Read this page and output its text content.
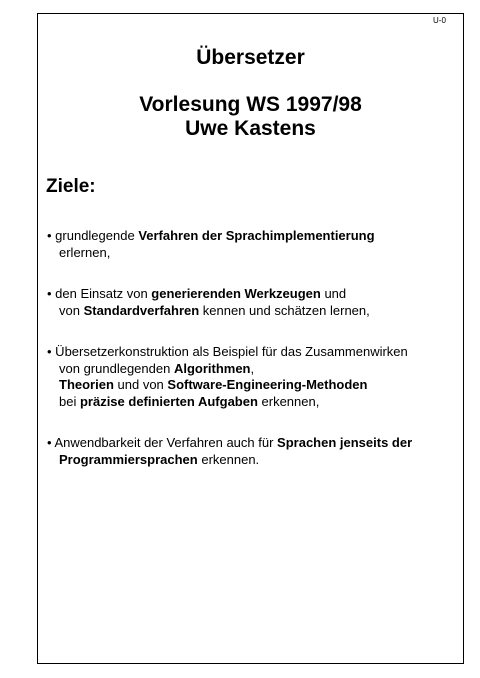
U-0
Übersetzer
Vorlesung WS 1997/98
Uwe Kastens
Ziele:
• grundlegende Verfahren der Sprachimplementierung
erlernen,
• den Einsatz von generierenden Werkzeugen und
von Standardverfahren kennen und schätzen lernen,
• Übersetzerkonstruktion als Beispiel für das Zusammenwirken
von grundlegenden Algorithmen,
Theorien und von Software-Engineering-Methoden
bei präzise definierten Aufgaben erkennen,
• Anwendbarkeit der Verfahren auch für Sprachen jenseits der
Programmiersprachen erkennen.
